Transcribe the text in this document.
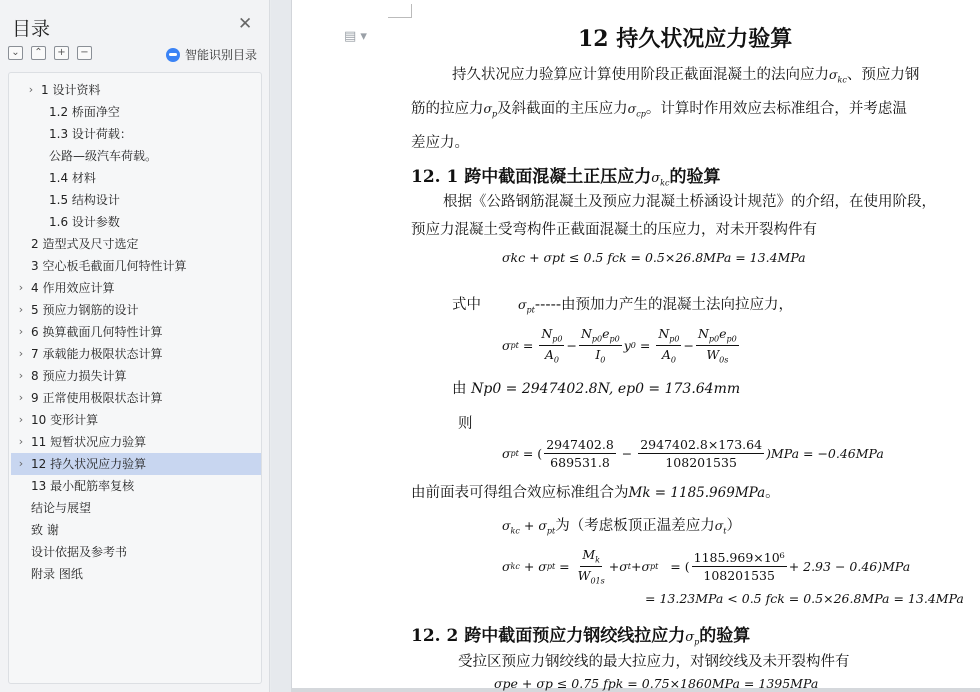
目录	✕
⌄	⌃	+	−	智能识别目录
› 1 设计资料
1.2 桥面净空
1.3 设计荷载：
公路—级汽车荷载。
1.4 材料
1.5 结构设计
1.6 设计参数
2 造型式及尺寸选定
3 空心板毛截面几何特性计算
› 4 作用效应计算
› 5 预应力钢筋的设计
› 6 换算截面几何特性计算
› 7 承载能力极限状态计算
› 8 预应力损失计算
› 9 正常使用极限状态计算
› 10 变形计算
› 11 短暂状况应力验算
› 12 持久状况应力验算
13 最小配筋率复核
结论与展望
致 谢
设计依据及参考书
附录 图纸
▤ ▾	12 持久状况应力验算
持久状况应力验算应计算使用阶段正截面混凝土的法向应力$\sigma_{kc}$、预应力钢
筋的拉应力$\sigma_p$及斜截面的主压应力$\sigma_{cp}$。计算时作用效应去标准组合，并考虑温
差应力。
12. 1 跨中截面混凝土正压应力$\sigma_{kc}$的验算
根据《公路钢筋混凝土及预应力混凝土桥涵设计规范》的介绍，在使用阶段，
预应力混凝土受弯构件正截面混凝土的压应力，对未开裂构件有
σkc + σpt ≤ 0.5 fck = 0.5×26.8MPa = 13.4MPa
式中	$\sigma_{pt}-----$由预加力产生的混凝土法向拉应力，
σ pt = $\frac{N_{p0}}{A_0} - \frac{N_{p0}e_{p0}}{I_0}$ y $0 = \frac{N_{p0}}{A_0} - \frac{N_{p0}e_{p0}}{W_{0s}}$
由 Np0 = 2947402.8N, ep0 = 173.64mm
则
σ pt = ( $\frac{2947402.8}{689531.8} - \frac{2947402.8\times 173.64}{108201535} )MPa = -0.46MPa$
由前面表可得组合效应标准组合为Mk = 1185.969MPa。
$\sigma_{kc} + \sigma_{pt}$为（考虑板顶正温差应力$\sigma_t$）
σ kc + σ pt = $\frac{M_k}{W_{01s}} + \sigma$ t + σ pt = ( $\frac{\text{1185.969×10⁶}}{108201535} + 2.93 - 0.46)MPa$
= 13.23MPa < 0.5 fck = 0.5×26.8MPa = 13.4MPa
12. 2 跨中截面预应力钢绞线拉应力$\sigma_p$的验算
受拉区预应力钢绞线的最大拉应力，对钢绞线及未开裂构件有
σpe + σp ≤ 0.75 fpk = 0.75×1860MPa = 1395MPa
